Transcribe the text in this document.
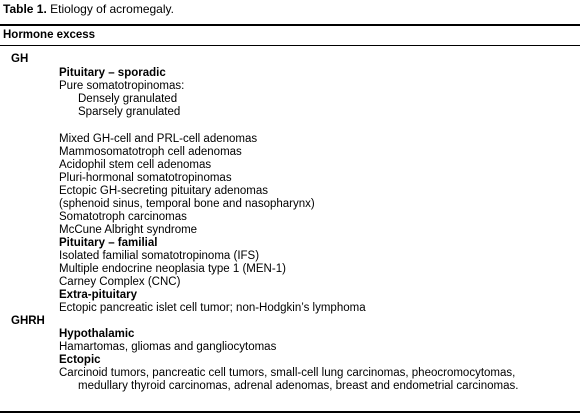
Table 1. Etiology of acromegaly.
Hormone excess
GH
Pituitary – sporadic
Pure somatotropinomas:
Densely granulated
Sparsely granulated
Mixed GH-cell and PRL-cell adenomas
Mammosomatotroph cell adenomas
Acidophil stem cell adenomas
Pluri-hormonal somatotropinomas
Ectopic GH-secreting pituitary adenomas
(sphenoid sinus, temporal bone and nasopharynx)
Somatotroph carcinomas
McCune Albright syndrome
Pituitary – familial
Isolated familial somatotropinoma (IFS)
Multiple endocrine neoplasia type 1 (MEN-1)
Carney Complex (CNC)
Extra-pituitary
Ectopic pancreatic islet cell tumor; non-Hodgkin’s lymphoma
GHRH
Hypothalamic
Hamartomas, gliomas and gangliocytomas
Ectopic
Carcinoid tumors, pancreatic cell tumors, small-cell lung carcinomas, pheocromocytomas,
medullary thyroid carcinomas, adrenal adenomas, breast and endometrial carcinomas.
